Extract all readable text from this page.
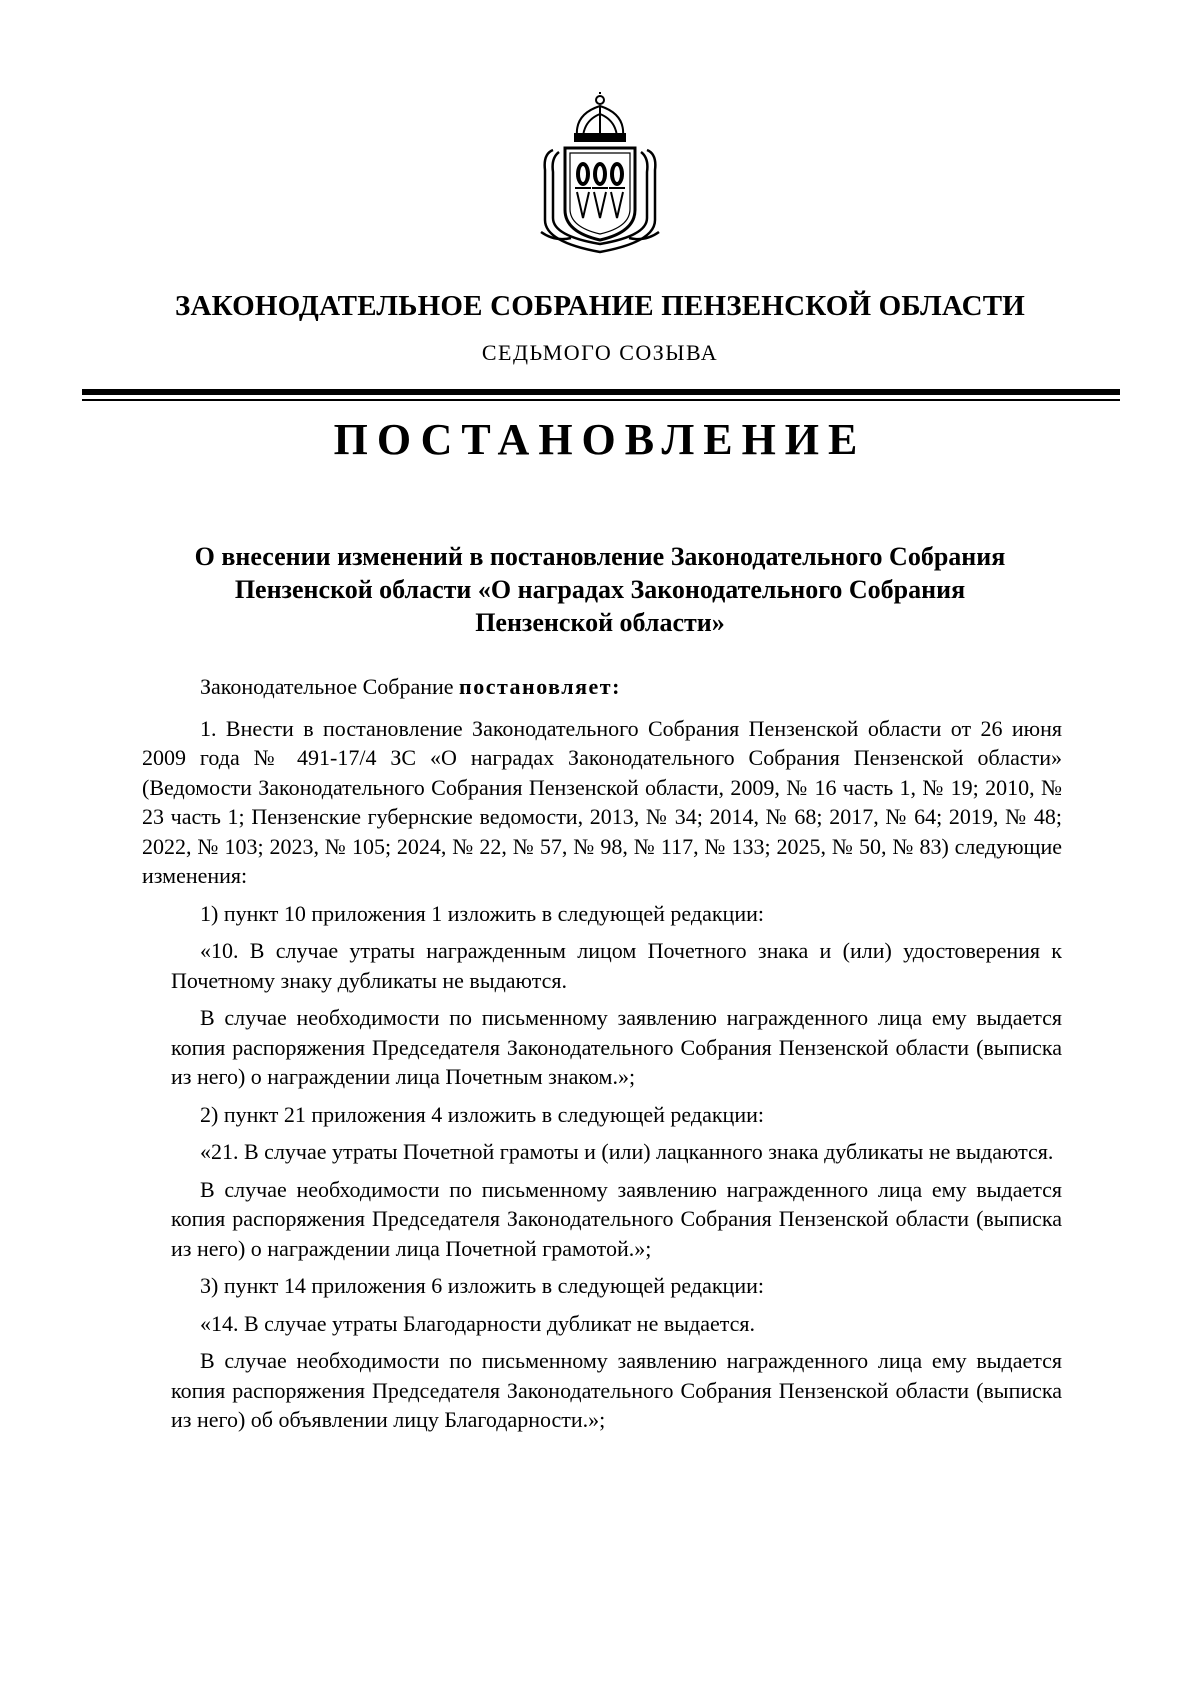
ЗАКОНОДАТЕЛЬНОЕ СОБРАНИЕ ПЕНЗЕНСКОЙ ОБЛАСТИ
СЕДЬМОГО СОЗЫВА
ПОСТАНОВЛЕНИЕ
О внесении изменений в постановление Законодательного Собрания
Пензенской области «О наградах Законодательного Собрания
Пензенской области»

Законодательное Собрание постановляет:

1. Внести в постановление Законодательного Собрания Пензенской области от 26 июня 2009 года № 491-17/4 ЗС «О наградах Законодательного Собрания Пензенской области» (Ведомости Законодательного Собрания Пензенской области, 2009, № 16 часть 1, № 19; 2010, № 23 часть 1; Пензенские губернские ведомости, 2013, № 34; 2014, № 68; 2017, № 64; 2019, № 48; 2022, № 103; 2023, № 105; 2024, № 22, № 57, № 98, № 117, № 133; 2025, № 50, № 83) следующие изменения:

1) пункт 10 приложения 1 изложить в следующей редакции:

«10. В случае утраты награжденным лицом Почетного знака и (или) удостоверения к Почетному знаку дубликаты не выдаются.

В случае необходимости по письменному заявлению награжденного лица ему выдается копия распоряжения Председателя Законодательного Собрания Пензенской области (выписка из него) о награждении лица Почетным знаком.»;

2) пункт 21 приложения 4 изложить в следующей редакции:

«21. В случае утраты Почетной грамоты и (или) лацканного знака дубликаты не выдаются.

В случае необходимости по письменному заявлению награжденного лица ему выдается копия распоряжения Председателя Законодательного Собрания Пензенской области (выписка из него) о награждении лица Почетной грамотой.»;

3) пункт 14 приложения 6 изложить в следующей редакции:

«14. В случае утраты Благодарности дубликат не выдается.

В случае необходимости по письменному заявлению награжденного лица ему выдается копия распоряжения Председателя Законодательного Собрания Пензенской области (выписка из него) об объявлении лицу Благодарности.»;
